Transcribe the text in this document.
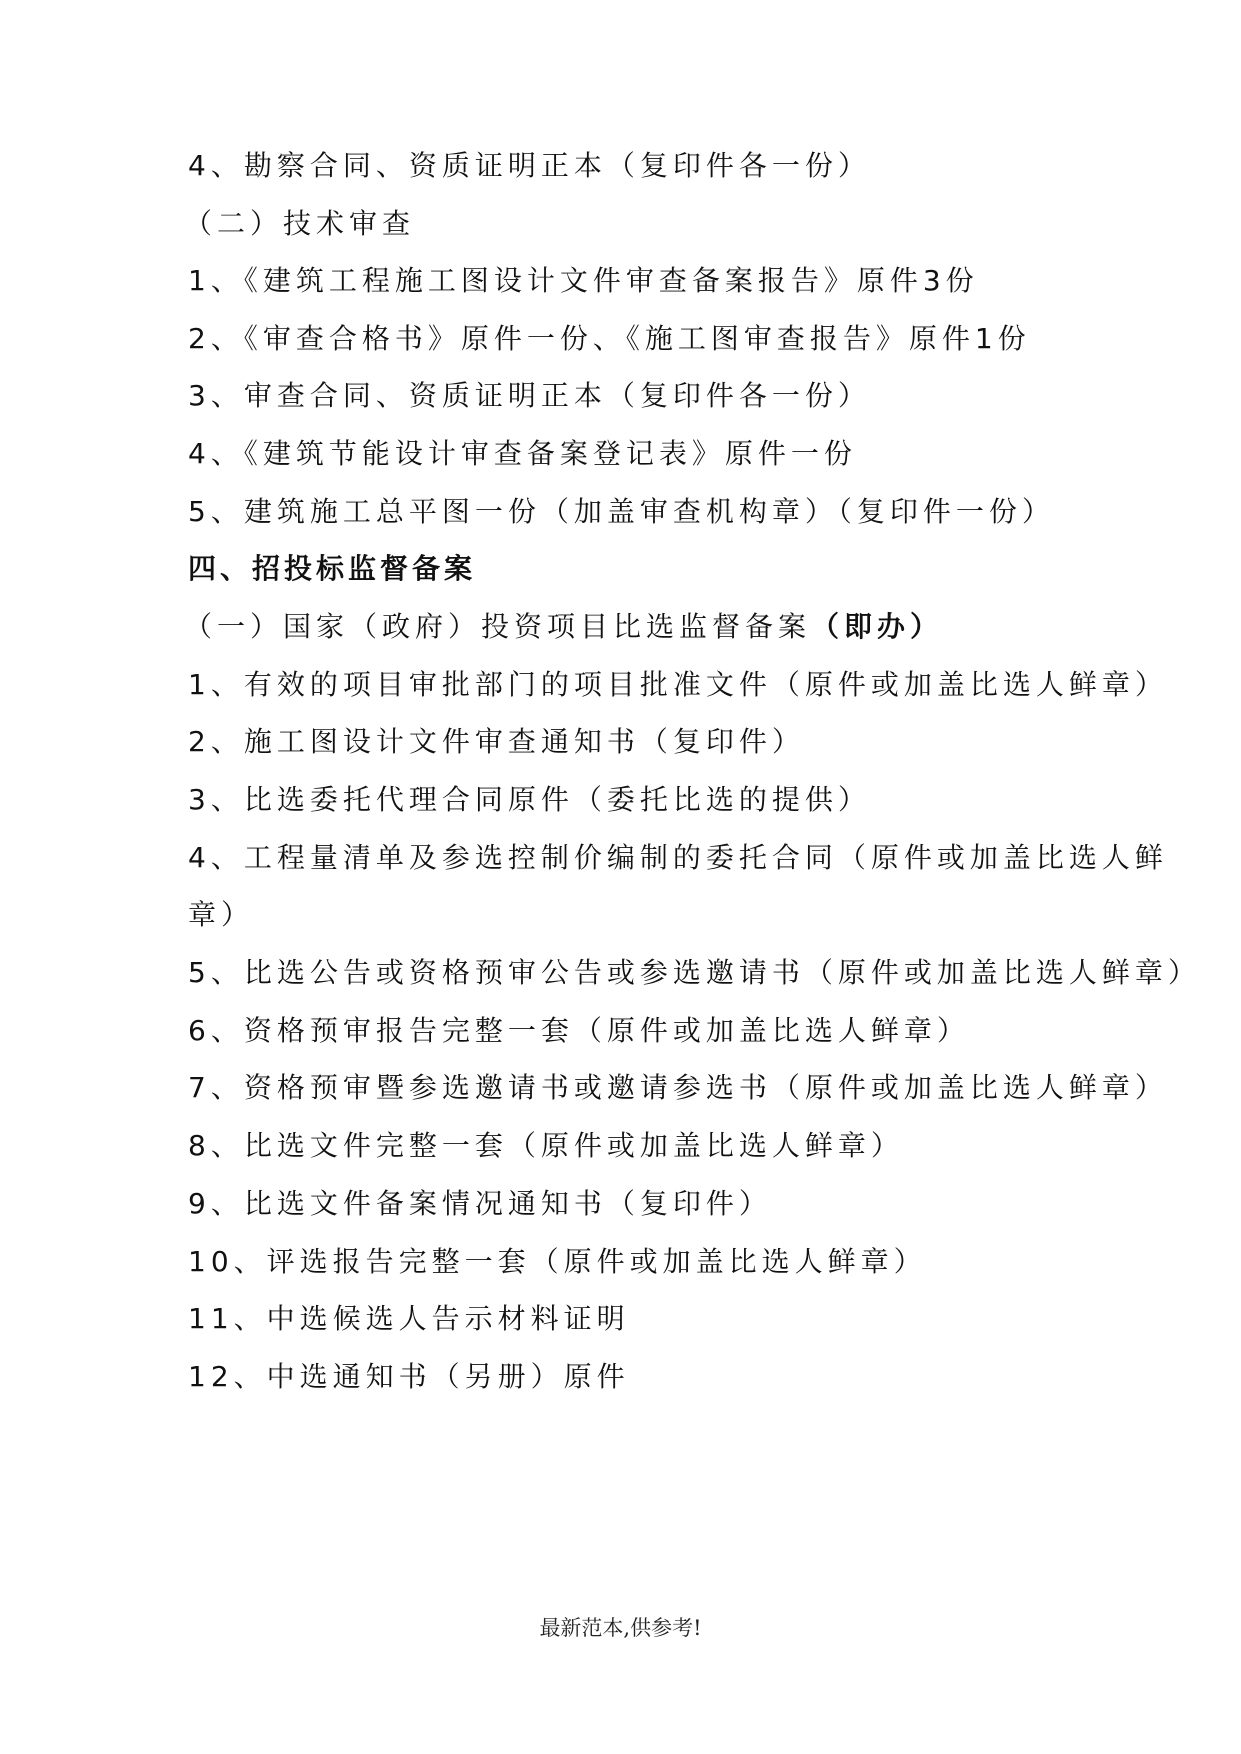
4、勘察合同、资质证明正本（复印件各一份）
（二）技术审查
1、《建筑工程施工图设计文件审查备案报告》原件3份
2、《审查合格书》原件一份、《施工图审查报告》原件1份
3、审查合同、资质证明正本（复印件各一份）
4、《建筑节能设计审查备案登记表》原件一份
5、建筑施工总平图一份（加盖审查机构章）（复印件一份）
四、招投标监督备案
（一）国家（政府）投资项目比选监督备案（即办）
1、有效的项目审批部门的项目批准文件（原件或加盖比选人鲜章）
2、施工图设计文件审查通知书（复印件）
3、比选委托代理合同原件（委托比选的提供）
4、工程量清单及参选控制价编制的委托合同（原件或加盖比选人鲜
章）
5、比选公告或资格预审公告或参选邀请书（原件或加盖比选人鲜章）
6、资格预审报告完整一套（原件或加盖比选人鲜章）
7、资格预审暨参选邀请书或邀请参选书（原件或加盖比选人鲜章）
8、比选文件完整一套（原件或加盖比选人鲜章）
9、比选文件备案情况通知书（复印件）
10、评选报告完整一套（原件或加盖比选人鲜章）
11、中选候选人告示材料证明
12、中选通知书（另册）原件
最新范本,供参考!
